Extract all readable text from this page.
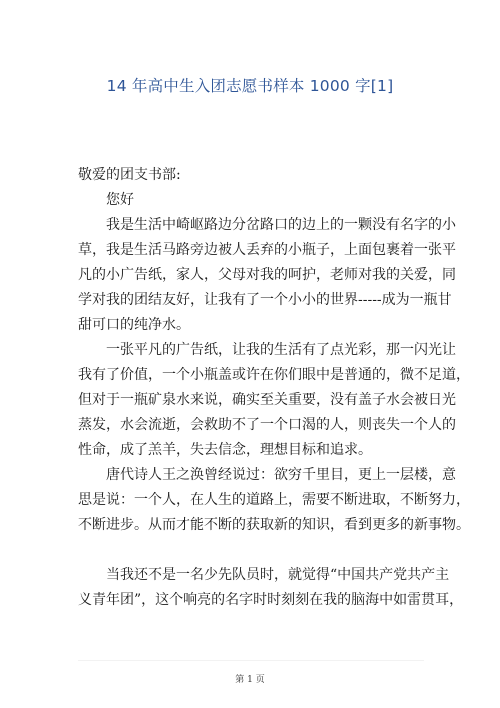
14 年高中生入团志愿书样本 1000 字[1]
敬爱的团支书部:
您好
我是生活中崎岖路边分岔路口的边上的一颗没有名字的小
草，我是生活马路旁边被人丢弃的小瓶子，上面包裹着一张平
凡的小广告纸，家人，父母对我的呵护，老师对我的关爱，同
学对我的团结友好，让我有了一个小小的世界-----成为一瓶甘
甜可口的纯净水。
一张平凡的广告纸，让我的生活有了点光彩，那一闪光让
我有了价值，一个小瓶盖或许在你们眼中是普通的，微不足道，
但对于一瓶矿泉水来说，确实至关重要，没有盖子水会被日光
蒸发，水会流逝，会救助不了一个口渴的人，则丧失一个人的
性命，成了羔羊，失去信念，理想目标和追求。
唐代诗人王之涣曾经说过：欲穷千里目，更上一层楼，意
思是说：一个人，在人生的道路上，需要不断进取，不断努力，
不断进步。从而才能不断的获取新的知识，看到更多的新事物。
当我还不是一名少先队员时，就觉得“中国共产党共产主
义青年团”，这个响亮的名字时时刻刻在我的脑海中如雷贯耳，
第 1 页
